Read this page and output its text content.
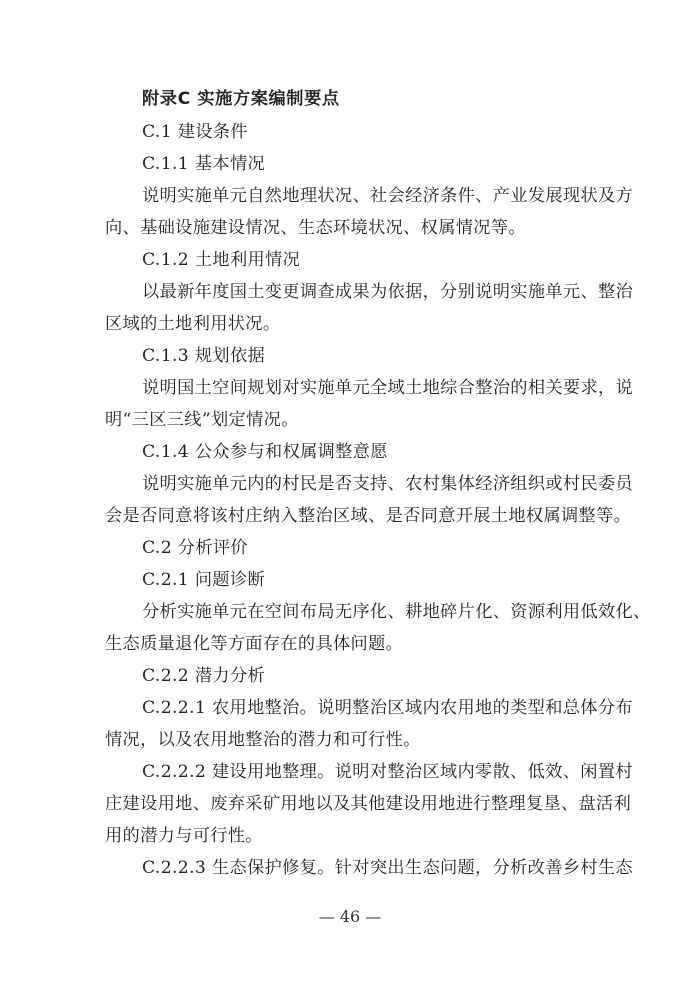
附录C 实施方案编制要点
C.1 建设条件
C.1.1 基本情况
说明实施单元自然地理状况、社会经济条件、产业发展现状及方
向、基础设施建设情况、生态环境状况、权属情况等。
C.1.2 土地利用情况
以最新年度国土变更调查成果为依据，分别说明实施单元、整治
区域的土地利用状况。
C.1.3 规划依据
说明国土空间规划对实施单元全域土地综合整治的相关要求，说
明“三区三线”划定情况。
C.1.4 公众参与和权属调整意愿
说明实施单元内的村民是否支持、农村集体经济组织或村民委员
会是否同意将该村庄纳入整治区域、是否同意开展土地权属调整等。
C.2 分析评价
C.2.1 问题诊断
分析实施单元在空间布局无序化、耕地碎片化、资源利用低效化、
生态质量退化等方面存在的具体问题。
C.2.2 潜力分析
C.2.2.1 农用地整治。说明整治区域内农用地的类型和总体分布
情况，以及农用地整治的潜力和可行性。
C.2.2.2 建设用地整理。说明对整治区域内零散、低效、闲置村
庄建设用地、废弃采矿用地以及其他建设用地进行整理复垦、盘活利
用的潜力与可行性。
C.2.2.3 生态保护修复。针对突出生态问题，分析改善乡村生态
— 46 —
